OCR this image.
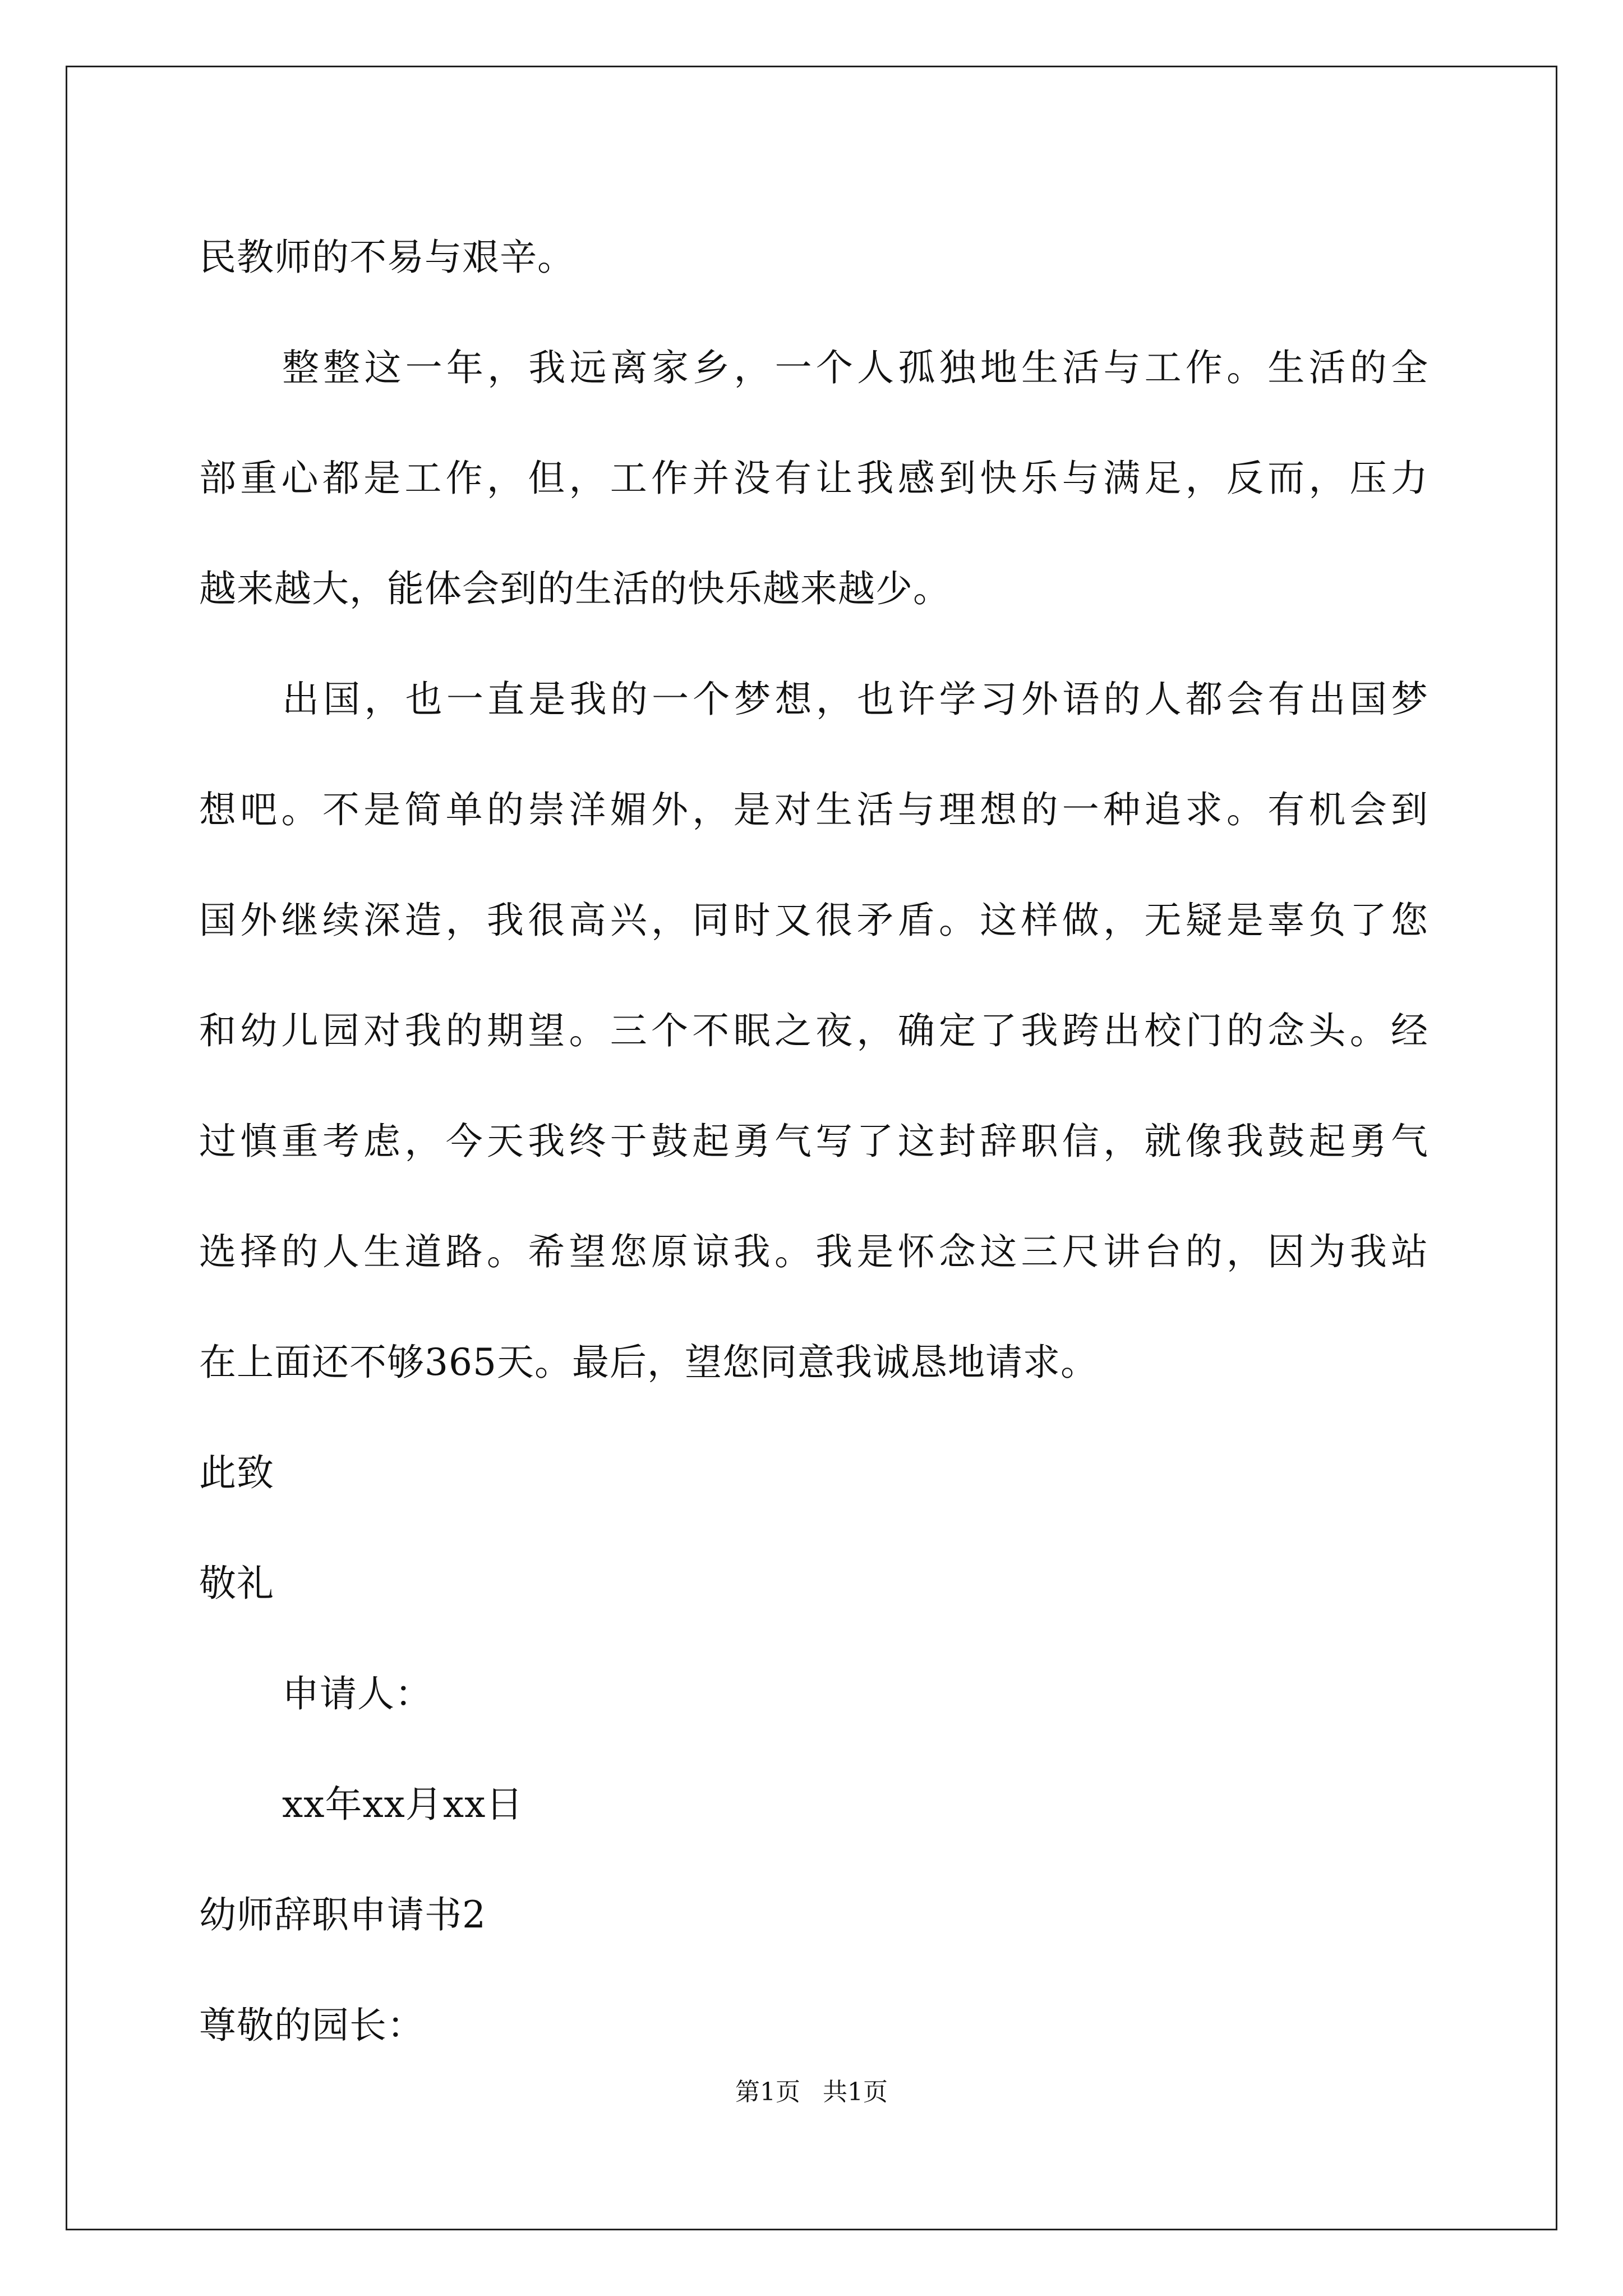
民教师的不易与艰辛。
整整这一年，我远离家乡，一个人孤独地生活与工作。生活的全
部重心都是工作，但，工作并没有让我感到快乐与满足，反而，压力
越来越大，能体会到的生活的快乐越来越少。
出国，也一直是我的一个梦想，也许学习外语的人都会有出国梦
想吧。不是简单的崇洋媚外，是对生活与理想的一种追求。有机会到
国外继续深造，我很高兴，同时又很矛盾。这样做，无疑是辜负了您
和幼儿园对我的期望。三个不眠之夜，确定了我跨出校门的念头。经
过慎重考虑，今天我终于鼓起勇气写了这封辞职信，就像我鼓起勇气
选择的人生道路。希望您原谅我。我是怀念这三尺讲台的，因为我站
在上面还不够365天。最后，望您同意我诚恳地请求。
此致
敬礼
申请人：
xx年xx月xx日
幼师辞职申请书2
尊敬的园长：
第1页 共1页
